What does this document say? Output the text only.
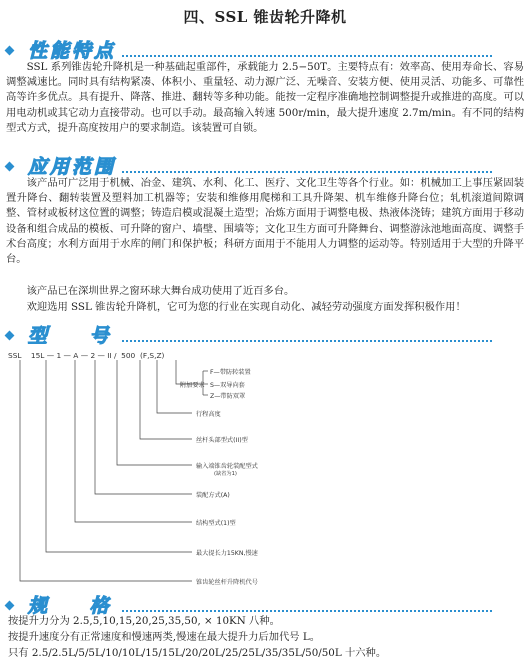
四、SSL 锥齿轮升降机
性能特点

SSL 系列锥齿轮升降机是一种基础起重部件，承载能力 2.5−50T。主要特点有：效率高、使用寿命长、容易调整减速比。同时具有结构紧凑、体积小、重量轻、动力源广泛、无噪音、安装方便、使用灵活、功能多、可靠性高等许多优点。具有提升、降落、推进、翻转等多种功能。能按一定程序准确地控制调整提升或推进的高度。可以用电动机或其它动力直接带动。也可以手动。最高输入转速 500r/min，最大提升速度 2.7m/min。有不同的结构型式方式，提升高度按用户的要求制造。该装置可自锁。

应用范围

该产品可广泛用于机械、冶金、建筑、水利、化工、医疗、文化卫生等各个行业。如：机械加工上事压紧固装置升降台、翻转装置及塑料加工机器等；安装和维修用爬梯和工具升降架、机车维修升降台位；轧机滚道间隙调整、管材或板材这位置的调整；铸造启模或混凝土造型；冶炼方面用于调整电极、热液体浇铸；建筑方面用于移动设备和组合成品的模板、可升降的窗户、墙壁、围墙等；文化卫生方面可升降舞台、调整游泳池地面高度、调整手术台高度；水利方面用于水库的闸门和保护板；科研方面用于不能用人力调整的运动等。特别适用于大型的升降平台。

该产品已在深圳世界之窗环球大舞台成功使用了近百多台。

欢迎选用 SSL 锥齿轮升降机，它可为您的行业在实现自动化、减轻劳动强度方面发挥积极作用！

型 号
SSL    15L — 1 — A — 2 — II /  500  (F,S,Z)
F—带防转装置
附加要求 S—双导向套
Z—带防双罩
行程高度
丝杆头部型式(II)型
输入端锥齿轮装配型式
(缺省为1)
装配方式(A)
结构型式(1)型
最大提长力15KN,慢速
锥齿轮丝杆升降机代号
规 格
按提升力分为 2.5,5,10,15,20,25,35,50, × 10KN 八种。
按提升速度分有正常速度和慢速两类,慢速在最大提升力后加代号 L。
只有 2.5/2.5L/5/5L/10/10L/15/15L/20/20L/25/25L/35/35L/50/50L 十六种。
